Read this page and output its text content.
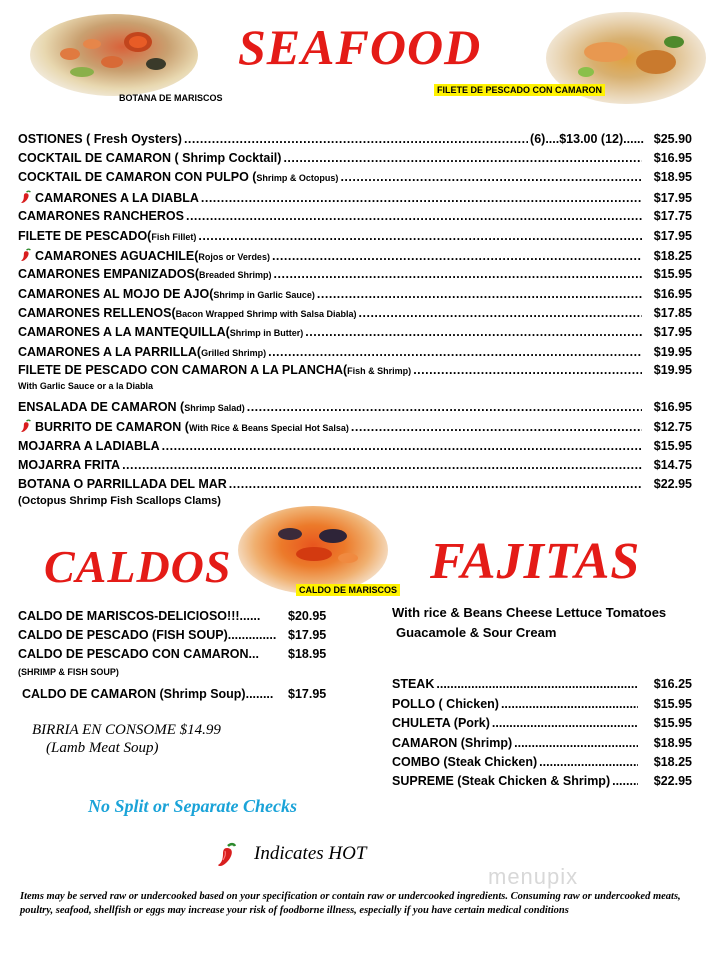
BOTANA DE MARISCOS
SEAFOOD
FILETE DE PESCADO CON CAMARON
OSTIONES ( Fresh Oysters) .....	(6)....$13.00 (12)...... $25.90
COCKTAIL DE CAMARON ( Shrimp Cocktail) .....	$16.95
COCKTAIL DE CAMARON CON PULPO (Shrimp & Octopus) .....	$18.95
CAMARONES A LA DIABLA .....	$17.95
CAMARONES RANCHEROS .....	$17.75
FILETE DE PESCADO(Fish Fillet) .....	$17.95
CAMARONES AGUACHILE(Rojos or Verdes) .....	$18.25
CAMARONES EMPANIZADOS(Breaded Shrimp) .....	$15.95
CAMARONES AL MOJO DE AJO(Shrimp in Garlic Sauce) .....	$16.95
CAMARONES RELLENOS(Bacon Wrapped Shrimp with Salsa Diabla) .....	$17.85
CAMARONES A LA MANTEQUILLA(Shrimp in Butter) .....	$17.95
CAMARONES A LA PARRILLA(Grilled Shrimp) .....	$19.95
FILETE DE PESCADO CON CAMARON A LA PLANCHA(Fish & Shrimp) .....	$19.95
ENSALADA DE CAMARON (Shrimp Salad) .....	$16.95
BURRITO DE CAMARON (With Rice & Beans Special Hot Salsa) .....	$12.75
MOJARRA A LADIABLA .....	$15.95
MOJARRA FRITA .....	$14.75
BOTANA O PARRILLADA DEL MAR .....	$22.95
With Garlic Sauce or a la Diabla
(Octopus Shrimp Fish Scallops Clams)
CALDOS	CALDO DE MARISCOS FAJITAS
CALDO DE MARISCOS-DELICIOSO!!!......	$20.95
CALDO DE PESCADO (FISH SOUP).............. $17.95
CALDO DE PESCADO CON CAMARON...	$18.95
(SHRIMP & FISH SOUP)
CALDO DE CAMARON (Shrimp Soup)........	$17.95
BIRRIA EN CONSOME $14.99
(Lamb Meat Soup)
With rice & Beans Cheese Lettuce Tomatoes
Guacamole & Sour Cream
STEAK .....	$16.25
POLLO ( Chicken) .....	$15.95
CHULETA (Pork) .....	$15.95
CAMARON (Shrimp) .....	$18.95
COMBO (Steak Chicken) .....	$18.25
SUPREME (Steak Chicken & Shrimp) .....	$22.95
No Split or Separate Checks
Indicates HOT
menupix
Items may be served raw or undercooked based on your specification or contain raw or undercooked ingredients. Consuming raw or undercooked meats,
poultry, seafood, shellfish or eggs may increase your risk of foodborne illness, especially if you have certain medical conditions
